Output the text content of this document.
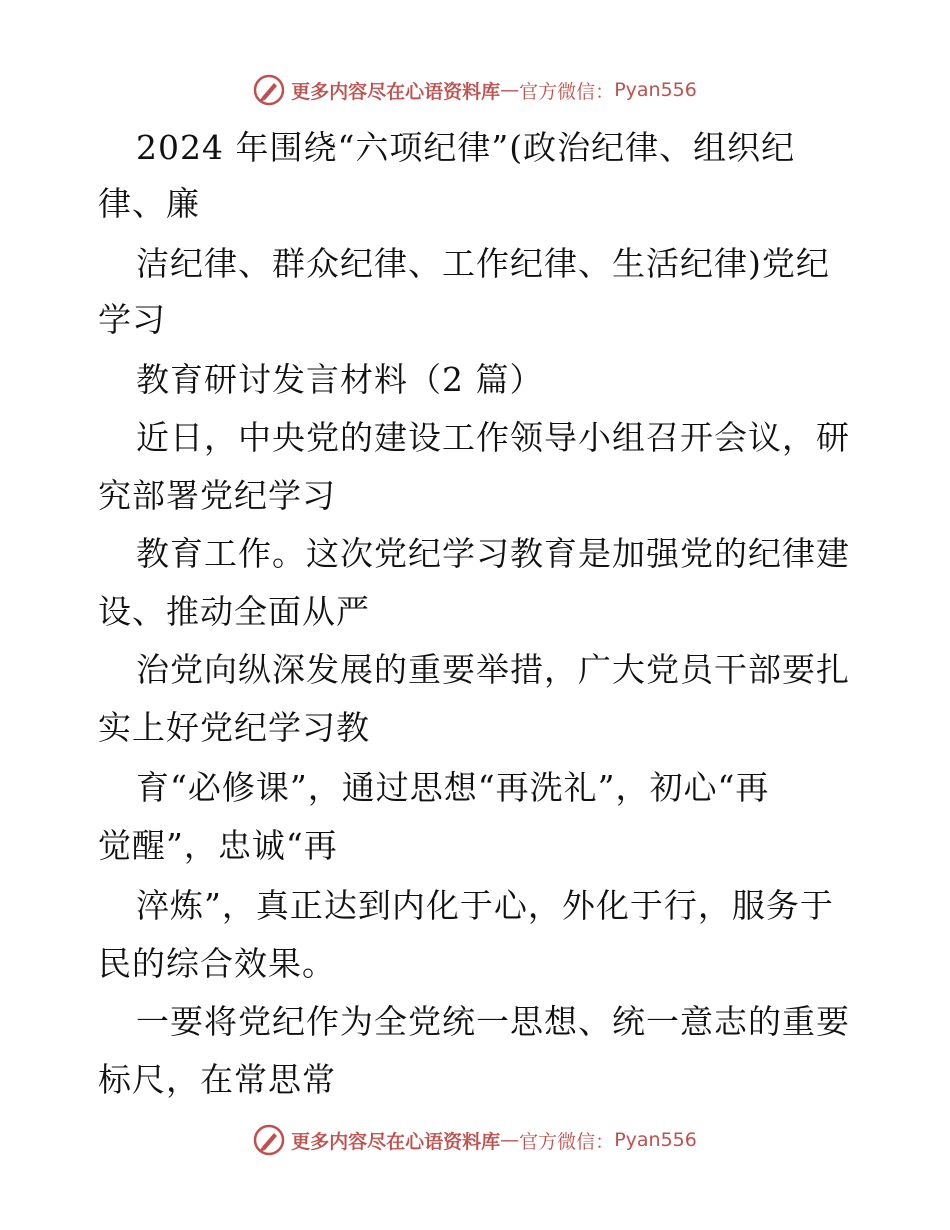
更多内容尽在心语资料库 — 官方微信： Pyan556
2024 年围绕“六项纪律”(政治纪律、组织纪
律、廉
洁纪律、群众纪律、工作纪律、生活纪律)党纪
学习
教育研讨发言材料（2 篇）
近日，中央党的建设工作领导小组召开会议，研
究部署党纪学习
教育工作。这次党纪学习教育是加强党的纪律建
设、推动全面从严
治党向纵深发展的重要举措，广大党员干部要扎
实上好党纪学习教
育“必修课”，通过思想“再洗礼”，初心“再
觉醒”，忠诚“再
淬炼”，真正达到内化于心，外化于行，服务于
民的综合效果。
一要将党纪作为全党统一思想、统一意志的重要
标尺，在常思常
更多内容尽在心语资料库 — 官方微信： Pyan556
